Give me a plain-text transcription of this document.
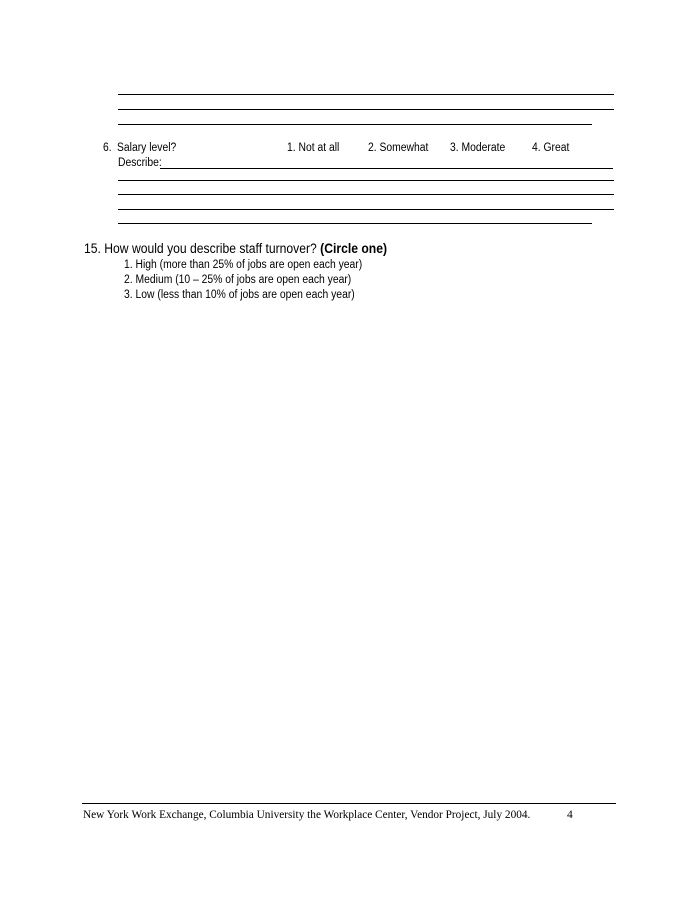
6. Salary level?	1. Not at all 2. Somewhat 3. Moderate 4. Great
Describe:
15. How would you describe staff turnover? (Circle one)
1. High (more than 25% of jobs are open each year)
2. Medium (10 – 25% of jobs are open each year)
3. Low (less than 10% of jobs are open each year)
New York Work Exchange, Columbia University the Workplace Center, Vendor Project, July 2004.	4
